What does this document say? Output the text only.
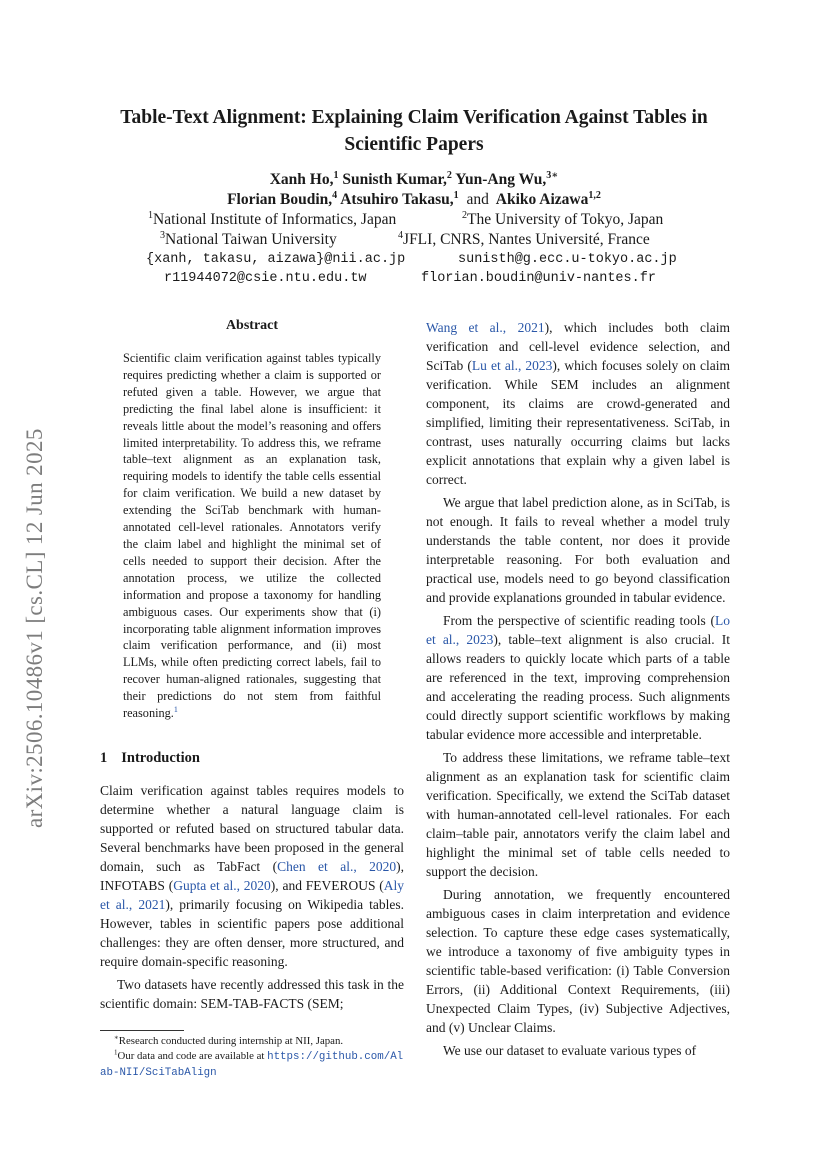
arXiv:2506.10486v1 [cs.CL] 12 Jun 2025
Table-Text Alignment: Explaining Claim Verification Against Tables in Scientific Papers
Xanh Ho,$^1$ Sunisth Kumar,$^2$ Yun-Ang Wu,$^{3∗}$
Florian Boudin,$^4$ Atsuhiro Takasu,$^1$ and Akiko Aizawa$^{1,2}$
$^1$National Institute of Informatics, Japan	$^2$The University of Tokyo, Japan
$^3$National Taiwan University	$^4$JFLI, CNRS, Nantes Université, France
{xanh, takasu, aizawa}@nii.ac.jp	sunisth@g.ecc.u-tokyo.ac.jp
r11944072@csie.ntu.edu.tw	florian.boudin@univ-nantes.fr
Abstract
Scientific claim verification against tables typically requires predicting whether a claim is supported or refuted given a table. However, we argue that predicting the final label alone is insufficient: it reveals little about the model’s reasoning and offers limited interpretability. To address this, we reframe table–text alignment as an explanation task, requiring models to identify the table cells essential for claim verification. We build a new dataset by extending the SciTab benchmark with human-annotated cell-level rationales. Annotators verify the claim label and highlight the minimal set of cells needed to support their decision. After the annotation process, we utilize the collected information and propose a taxonomy for handling ambiguous cases. Our experiments show that (i) incorporating table alignment information improves claim verification performance, and (ii) most LLMs, while often predicting correct labels, fail to recover human-aligned rationales, suggesting that their predictions do not stem from faithful reasoning.$^1$
1 Introduction

Claim verification against tables requires models to determine whether a natural language claim is supported or refuted based on structured tabular data. Several benchmarks have been proposed in the general domain, such as TabFact (Chen et al., 2020), INFOTABS (Gupta et al., 2020), and FEVEROUS (Aly et al., 2021), primarily focusing on Wikipedia tables. However, tables in scientific papers pose additional challenges: they are often denser, more structured, and require domain-specific reasoning.

Two datasets have recently addressed this task in the scientific domain: SEM-TAB-FACTS (SEM;

∗Research conducted during internship at NII, Japan.

$^1$Our data and code are available at https://github.com/Alab-NII/SciTabAlign

Wang et al., 2021), which includes both claim verification and cell-level evidence selection, and SciTab (Lu et al., 2023), which focuses solely on claim verification. While SEM includes an alignment component, its claims are crowd-generated and simplified, limiting their representativeness. SciTab, in contrast, uses naturally occurring claims but lacks explicit annotations that explain why a given label is correct.

We argue that label prediction alone, as in SciTab, is not enough. It fails to reveal whether a model truly understands the table content, nor does it provide interpretable reasoning. For both evaluation and practical use, models need to go beyond classification and provide explanations grounded in tabular evidence.

From the perspective of scientific reading tools (Lo et al., 2023), table–text alignment is also crucial. It allows readers to quickly locate which parts of a table are referenced in the text, improving comprehension and accelerating the reading process. Such alignments could directly support scientific workflows by making tabular evidence more accessible and interpretable.

To address these limitations, we reframe table–text alignment as an explanation task for scientific claim verification. Specifically, we extend the SciTab dataset with human-annotated cell-level rationales. For each claim–table pair, annotators verify the claim label and highlight the minimal set of table cells needed to support the decision.

During annotation, we frequently encountered ambiguous cases in claim interpretation and evidence selection. To capture these edge cases systematically, we introduce a taxonomy of five ambiguity types in scientific table-based verification: (i) Table Conversion Errors, (ii) Additional Context Requirements, (iii) Unexpected Claim Types, (iv) Subjective Adjectives, and (v) Unclear Claims.

We use our dataset to evaluate various types of
